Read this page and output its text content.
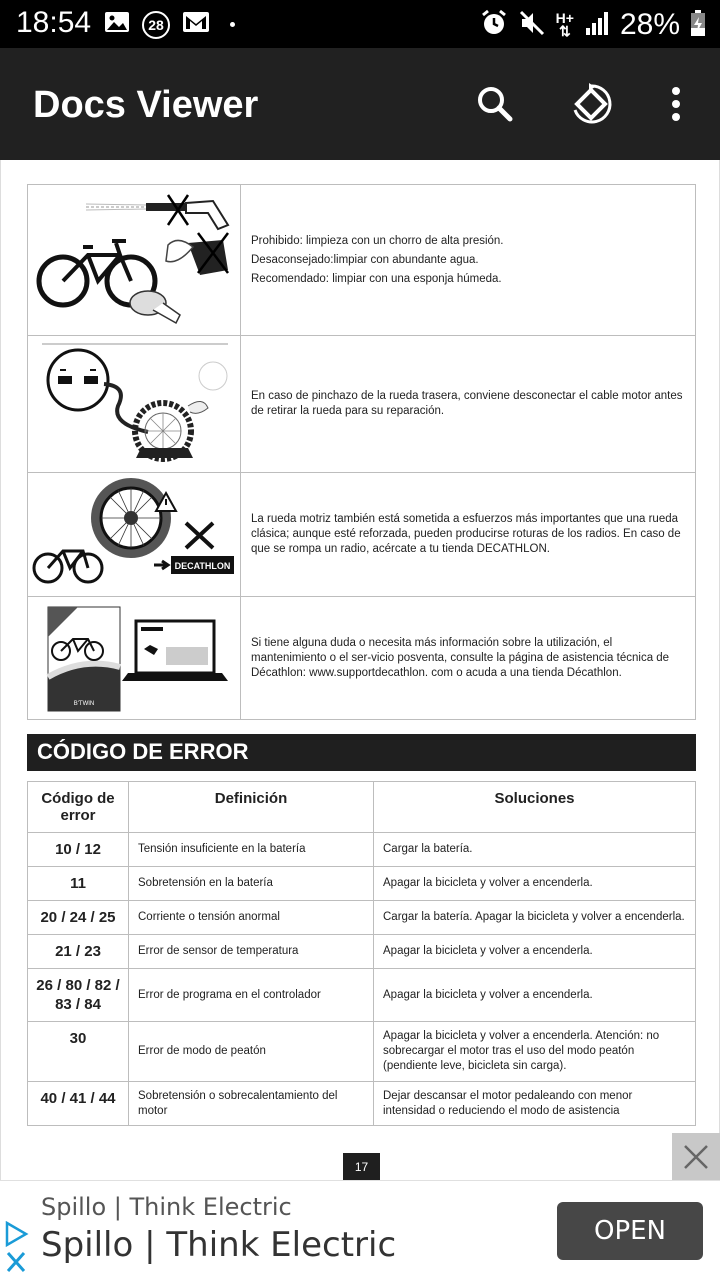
18:54	28	H+
⇅ 28%
Docs Viewer

Prohibido: limpieza con un chorro de alta presión.

Desaconsejado:limpiar con abundante agua.

Recomendado: limpiar con una esponja húmeda.

En caso de pinchazo de la rueda trasera, conviene desconectar el cable motor antes de retirar la rueda para su reparación.

DECATHLON

La rueda motriz también está sometida a esfuerzos más importantes que una rueda clásica; aunque esté reforzada, pueden producirse roturas de los radios. En caso de que se rompa un radio, acércate a tu tienda DECATHLON.

B'TWIN

Si tiene alguna duda o necesita más información sobre la utilización, el mantenimiento o el ser-vicio posventa, consulte la página de asistencia técnica de Décathlon: www.supportdecathlon. com o acuda a una tienda Décathlon.

CÓDIGO DE ERROR
Código de error	Definición	Soluciones
10 / 12	Tensión insuficiente en la batería	Cargar la batería.
11	Sobretensión en la batería	Apagar la bicicleta y volver a encenderla.
20 / 24 / 25	Corriente o tensión anormal	Cargar la batería. Apagar la bicicleta y volver a encenderla.
21 / 23	Error de sensor de temperatura	Apagar la bicicleta y volver a encenderla.
26 / 80 / 82 / 83 / 84	Error de programa en el controlador	Apagar la bicicleta y volver a encenderla.
30	Error de modo de peatón	Apagar la bicicleta y volver a encenderla. Atención: no sobrecargar el motor tras el uso del modo peatón (pendiente leve, bicicleta sin carga).
40 / 41 / 44	Sobretensión o sobrecalentamiento del motor	Dejar descansar el motor pedaleando con menor intensidad o reduciendo el modo de asistencia
17
Spillo | Think Electric
Spillo | Think Electric	OPEN
